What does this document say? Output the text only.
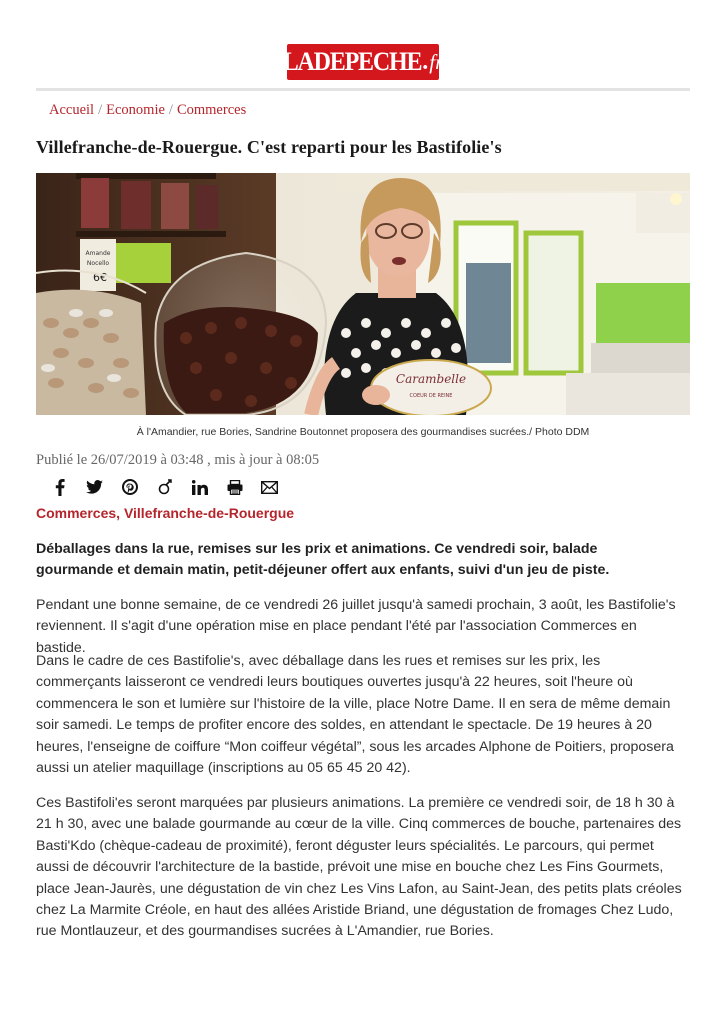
LADEPECHE . fr
Accueil / Economie / Commerces
Villefranche-de-Rouergue. C'est reparti pour les Bastifolie's
Amande
Nocello
6€
Carambelle
COEUR DE REINE
À l'Amandier, rue Bories, Sandrine Boutonnet proposera des gourmandises sucrées./ Photo DDM
Publié le 26/07/2019 à 03:48 , mis à jour à 08:05
Commerces, Villefranche-de-Rouergue

Déballages dans la rue, remises sur les prix et animations. Ce vendredi soir, balade gourmande et demain matin, petit-déjeuner offert aux enfants, suivi d'un jeu de piste.

Pendant une bonne semaine, de ce vendredi 26 juillet jusqu'à samedi prochain, 3 août, les Bastifolie's reviennent. Il s'agit d'une opération mise en place pendant l'été par l'association Commerces en bastide.

Dans le cadre de ces Bastifolie's, avec déballage dans les rues et remises sur les prix, les commerçants laisseront ce vendredi leurs boutiques ouvertes jusqu'à 22 heures, soit l'heure où commencera le son et lumière sur l'histoire de la ville, place Notre Dame. Il en sera de même demain soir samedi. Le temps de profiter encore des soldes, en attendant le spectacle. De 19 heures à 20 heures, l'enseigne de coiffure “Mon coiffeur végétal”, sous les arcades Alphone de Poitiers, proposera aussi un atelier maquillage (inscriptions au 05 65 45 20 42).

Ces Bastifoli'es seront marquées par plusieurs animations. La première ce vendredi soir, de 18 h 30 à 21 h 30, avec une balade gourmande au cœur de la ville. Cinq commerces de bouche, partenaires des Basti'Kdo (chèque-cadeau de proximité), feront déguster leurs spécialités. Le parcours, qui permet aussi de découvrir l'architecture de la bastide, prévoit une mise en bouche chez Les Fins Gourmets, place Jean-Jaurès, une dégustation de vin chez Les Vins Lafon, au Saint-Jean, des petits plats créoles chez La Marmite Créole, en haut des allées Aristide Briand, une dégustation de fromages Chez Ludo, rue Montlauzeur, et des gourmandises sucrées à L'Amandier, rue Bories.
